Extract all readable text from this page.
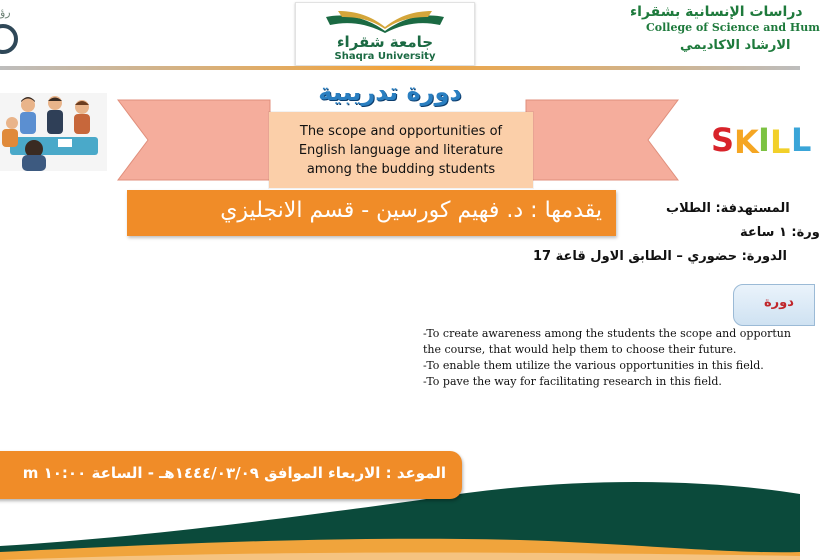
رؤ
جامعة شقراء
Shaqra University
دراسات الإنسانية بشقراء
College of Science and Hum
الارشاد الاكاديمي
دورة تدريبية
The scope and opportunities of
English language and literature
among the budding students
يقدمها : د. فهيم كورسين - قسم الانجليزي
S K I L L
المستهدفة: الطلاب
ورة: ١ ساعة
الدورة: حضوري – الطابق الاول قاعة 17
دورة
-To create awareness among the students the scope and opportun
the course, that would help them to choose their future.
-To enable them utilize the various opportunities in this field.
-To pave the way for facilitating research in this field.
الموعد : الاربعاء الموافق ١٤٤٤/٠٣/٠٩هـ - الساعة ١٠:٠٠ m
